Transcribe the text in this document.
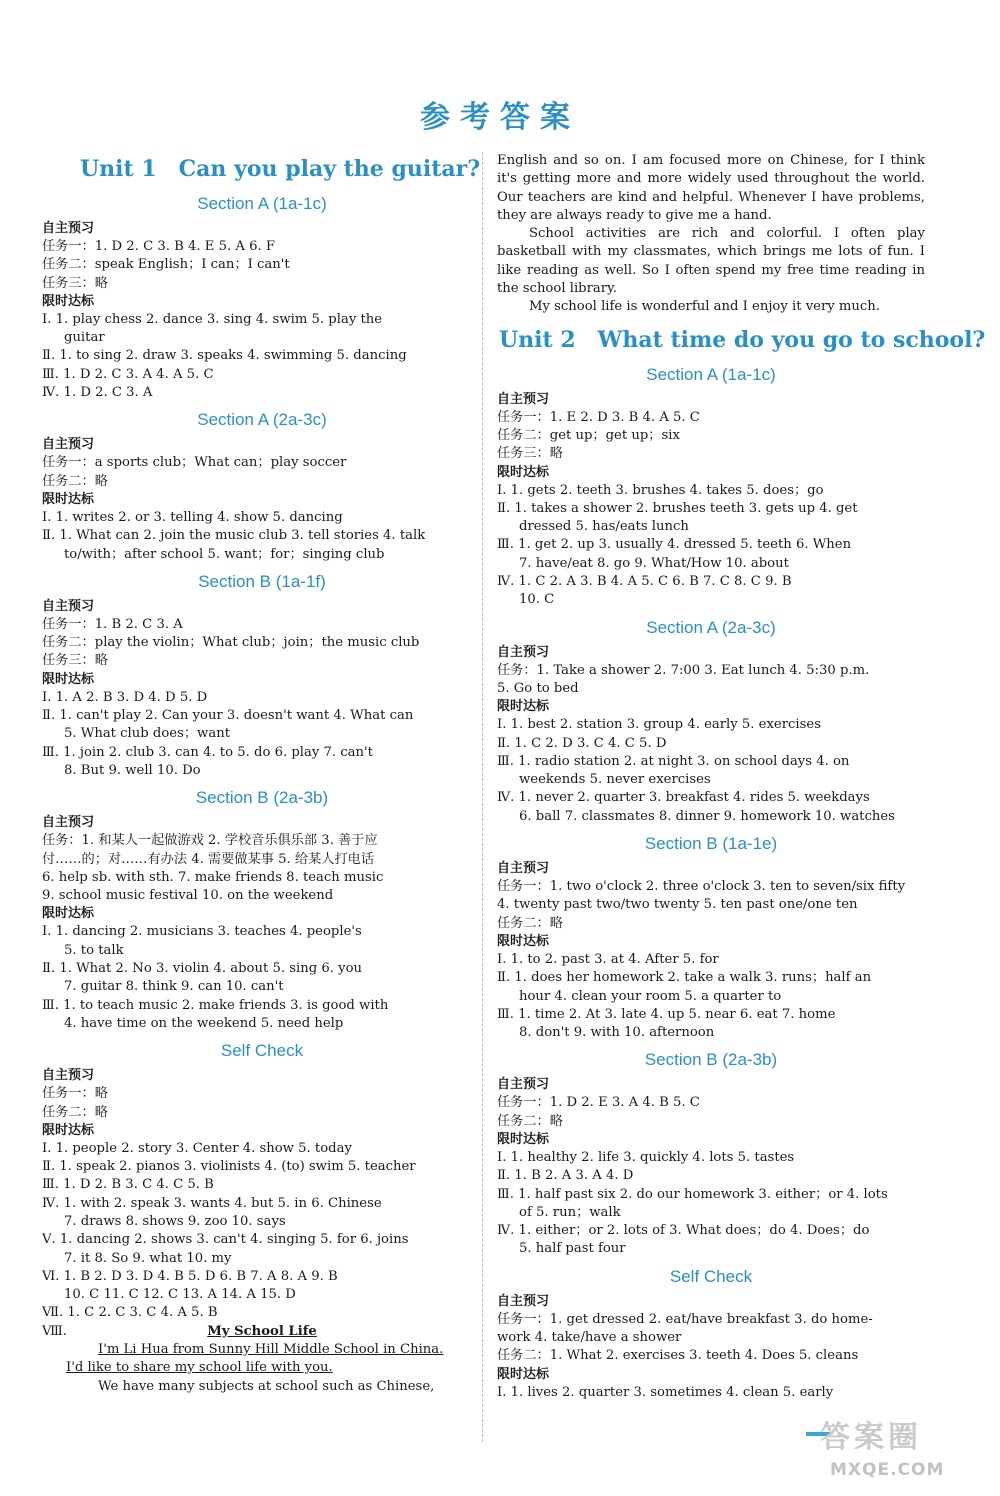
参考答案
Unit 1 Can you play the guitar?
Section A (1a-1c)
自主预习
任务一：1. D 2. C 3. B 4. E 5. A 6. F
任务二：speak English；I can；I can't
任务三：略
限时达标
Ⅰ. 1. play chess 2. dance 3. sing 4. swim 5. play the
guitar
Ⅱ. 1. to sing 2. draw 3. speaks 4. swimming 5. dancing
Ⅲ. 1. D 2. C 3. A 4. A 5. C
Ⅳ. 1. D 2. C 3. A
Section A (2a-3c)
自主预习
任务一：a sports club；What can；play soccer
任务二：略
限时达标
Ⅰ. 1. writes 2. or 3. telling 4. show 5. dancing
Ⅱ. 1. What can 2. join the music club 3. tell stories 4. talk
to/with；after school 5. want；for；singing club
Section B (1a-1f)
自主预习
任务一：1. B 2. C 3. A
任务二：play the violin；What club；join；the music club
任务三：略
限时达标
Ⅰ. 1. A 2. B 3. D 4. D 5. D
Ⅱ. 1. can't play 2. Can your 3. doesn't want 4. What can
5. What club does；want
Ⅲ. 1. join 2. club 3. can 4. to 5. do 6. play 7. can't
8. But 9. well 10. Do
Section B (2a-3b)
自主预习
任务：1. 和某人一起做游戏 2. 学校音乐俱乐部 3. 善于应
付……的；对……有办法 4. 需要做某事 5. 给某人打电话
6. help sb. with sth. 7. make friends 8. teach music
9. school music festival 10. on the weekend
限时达标
Ⅰ. 1. dancing 2. musicians 3. teaches 4. people's
5. to talk
Ⅱ. 1. What 2. No 3. violin 4. about 5. sing 6. you
7. guitar 8. think 9. can 10. can't
Ⅲ. 1. to teach music 2. make friends 3. is good with
4. have time on the weekend 5. need help
Self Check
自主预习
任务一：略
任务二：略
限时达标
Ⅰ. 1. people 2. story 3. Center 4. show 5. today
Ⅱ. 1. speak 2. pianos 3. violinists 4. (to) swim 5. teacher
Ⅲ. 1. D 2. B 3. C 4. C 5. B
Ⅳ. 1. with 2. speak 3. wants 4. but 5. in 6. Chinese
7. draws 8. shows 9. zoo 10. says
Ⅴ. 1. dancing 2. shows 3. can't 4. singing 5. for 6. joins
7. it 8. So 9. what 10. my
Ⅵ. 1. B 2. D 3. D 4. B 5. D 6. B 7. A 8. A 9. B
10. C 11. C 12. C 13. A 14. A 15. D
Ⅶ. 1. C 2. C 3. C 4. A 5. B
Ⅷ.	My School Life
I'm Li Hua from Sunny Hill Middle School in China.
I'd like to share my school life with you.
We have many subjects at school such as Chinese,

English and so on. I am focused more on Chinese, for I think it's getting more and more widely used throughout the world. Our teachers are kind and helpful. Whenever I have problems, they are always ready to give me a hand.

School activities are rich and colorful. I often play basketball with my classmates, which brings me lots of fun. I like reading as well. So I often spend my free time reading in the school library.

My school life is wonderful and I enjoy it very much.

Unit 2 What time do you go to school?
Section A (1a-1c)
自主预习
任务一：1. E 2. D 3. B 4. A 5. C
任务二：get up；get up；six
任务三：略
限时达标
Ⅰ. 1. gets 2. teeth 3. brushes 4. takes 5. does；go
Ⅱ. 1. takes a shower 2. brushes teeth 3. gets up 4. get
dressed 5. has/eats lunch
Ⅲ. 1. get 2. up 3. usually 4. dressed 5. teeth 6. When
7. have/eat 8. go 9. What/How 10. about
Ⅳ. 1. C 2. A 3. B 4. A 5. C 6. B 7. C 8. C 9. B
10. C
Section A (2a-3c)
自主预习
任务：1. Take a shower 2. 7:00 3. Eat lunch 4. 5:30 p.m.
5. Go to bed
限时达标
Ⅰ. 1. best 2. station 3. group 4. early 5. exercises
Ⅱ. 1. C 2. D 3. C 4. C 5. D
Ⅲ. 1. radio station 2. at night 3. on school days 4. on
weekends 5. never exercises
Ⅳ. 1. never 2. quarter 3. breakfast 4. rides 5. weekdays
6. ball 7. classmates 8. dinner 9. homework 10. watches
Section B (1a-1e)
自主预习
任务一：1. two o'clock 2. three o'clock 3. ten to seven/six fifty
4. twenty past two/two twenty 5. ten past one/one ten
任务二：略
限时达标
Ⅰ. 1. to 2. past 3. at 4. After 5. for
Ⅱ. 1. does her homework 2. take a walk 3. runs；half an
hour 4. clean your room 5. a quarter to
Ⅲ. 1. time 2. At 3. late 4. up 5. near 6. eat 7. home
8. don't 9. with 10. afternoon
Section B (2a-3b)
自主预习
任务一：1. D 2. E 3. A 4. B 5. C
任务二：略
限时达标
Ⅰ. 1. healthy 2. life 3. quickly 4. lots 5. tastes
Ⅱ. 1. B 2. A 3. A 4. D
Ⅲ. 1. half past six 2. do our homework 3. either；or 4. lots
of 5. run；walk
Ⅳ. 1. either；or 2. lots of 3. What does；do 4. Does；do
5. half past four
Self Check
自主预习
任务一：1. get dressed 2. eat/have breakfast 3. do home-
work 4. take/have a shower
任务二：1. What 2. exercises 3. teeth 4. Does 5. cleans
限时达标
Ⅰ. 1. lives 2. quarter 3. sometimes 4. clean 5. early
答案圈
MXQE.COM
